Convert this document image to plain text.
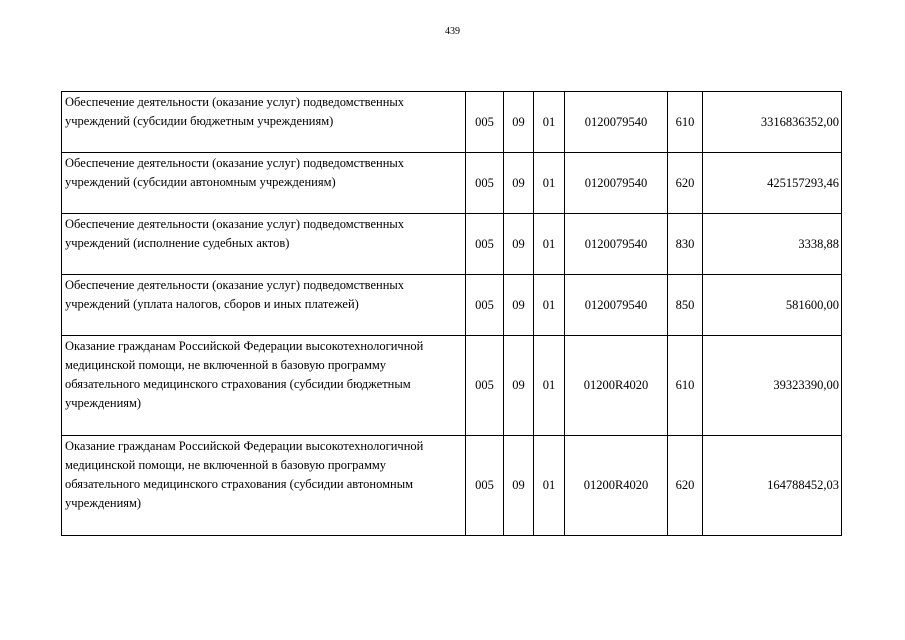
439
Обеспечение деятельности (оказание услуг) подведомственных учреждений (субсидии бюджетным учреждениям)	005	09	01	0120079540	610	3316836352,00
Обеспечение деятельности (оказание услуг) подведомственных учреждений (субсидии автономным учреждениям)	005	09	01	0120079540	620	425157293,46
Обеспечение деятельности (оказание услуг) подведомственных учреждений (исполнение судебных актов)	005	09	01	0120079540	830	3338,88
Обеспечение деятельности (оказание услуг) подведомственных учреждений (уплата налогов, сборов и иных платежей)	005	09	01	0120079540	850	581600,00
Оказание гражданам Российской Федерации высокотехнологичной медицинской помощи, не включенной в базовую программу обязательного медицинского страхования (субсидии бюджетным учреждениям)	005	09	01	01200R4020	610	39323390,00
Оказание гражданам Российской Федерации высокотехнологичной медицинской помощи, не включенной в базовую программу обязательного медицинского страхования (субсидии автономным учреждениям)	005	09	01	01200R4020	620	164788452,03
